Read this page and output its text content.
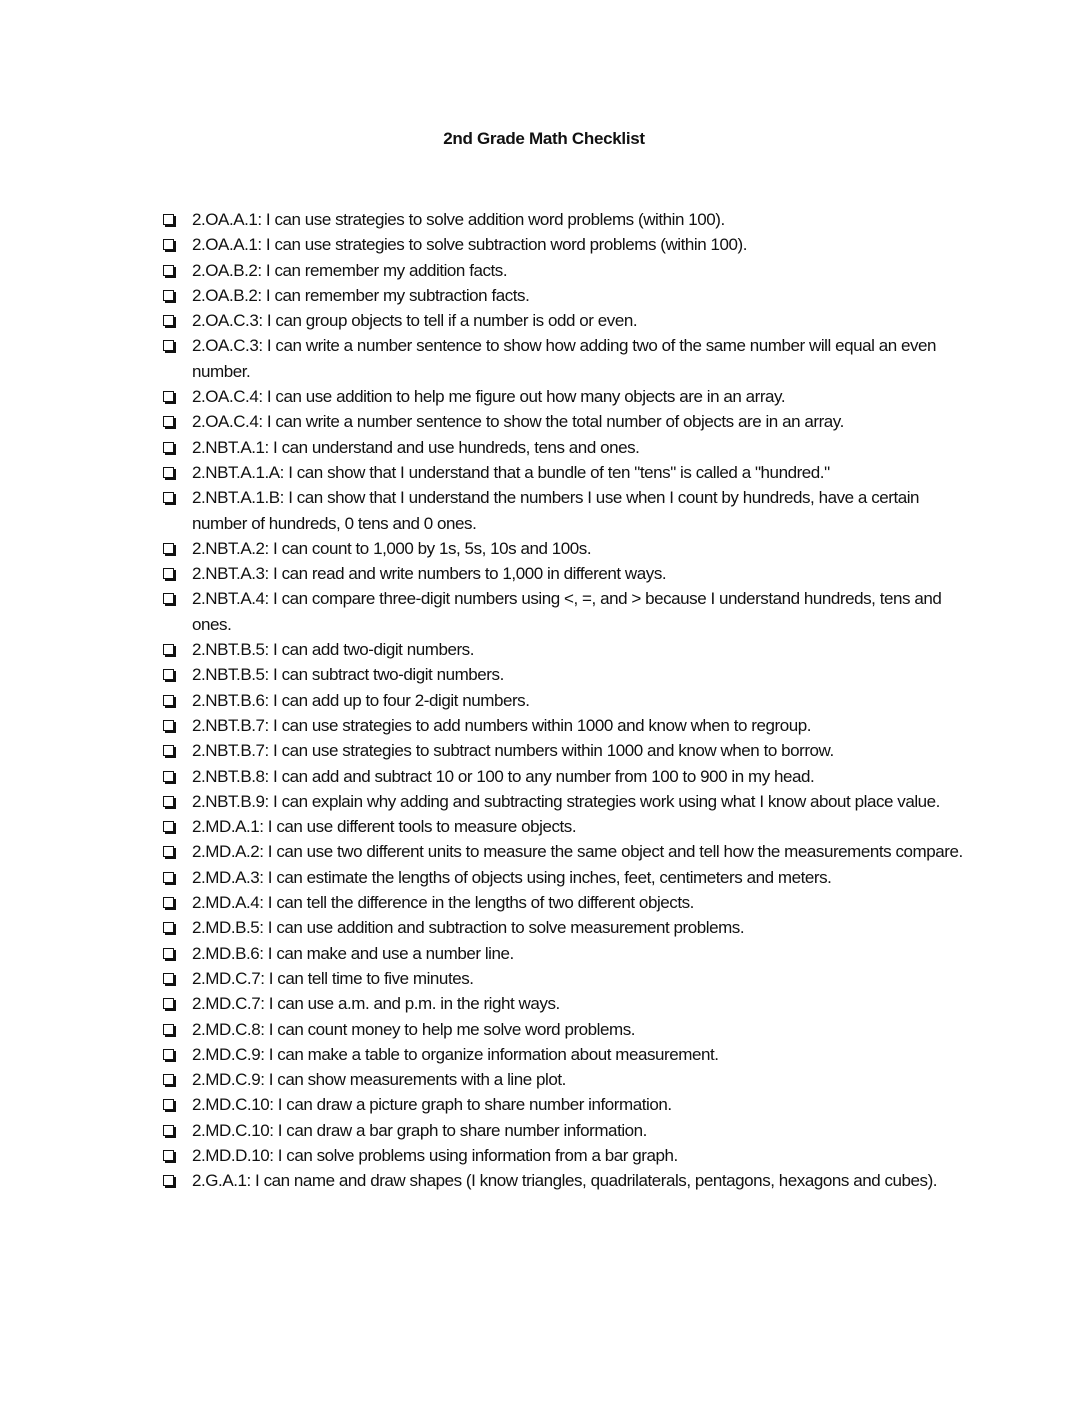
2nd Grade Math Checklist
2.OA.A.1: I can use strategies to solve addition word problems (within 100).
2.OA.A.1: I can use strategies to solve subtraction word problems (within 100).
2.OA.B.2: I can remember my addition facts.
2.OA.B.2: I can remember my subtraction facts.
2.OA.C.3: I can group objects to tell if a number is odd or even.
2.OA.C.3: I can write a number sentence to show how adding two of the same number will equal an even number.
2.OA.C.4: I can use addition to help me figure out how many objects are in an array.
2.OA.C.4: I can write a number sentence to show the total number of objects are in an array.
2.NBT.A.1: I can understand and use hundreds, tens and ones.
2.NBT.A.1.A: I can show that I understand that a bundle of ten "tens" is called a "hundred."
2.NBT.A.1.B: I can show that I understand the numbers I use when I count by hundreds, have a certain number of hundreds, 0 tens and 0 ones.
2.NBT.A.2: I can count to 1,000 by 1s, 5s, 10s and 100s.
2.NBT.A.3: I can read and write numbers to 1,000 in different ways.
2.NBT.A.4: I can compare three-digit numbers using <, =, and > because I understand hundreds, tens and ones.
2.NBT.B.5: I can add two-digit numbers.
2.NBT.B.5: I can subtract two-digit numbers.
2.NBT.B.6: I can add up to four 2-digit numbers.
2.NBT.B.7: I can use strategies to add numbers within 1000 and know when to regroup.
2.NBT.B.7: I can use strategies to subtract numbers within 1000 and know when to borrow.
2.NBT.B.8: I can add and subtract 10 or 100 to any number from 100 to 900 in my head.
2.NBT.B.9: I can explain why adding and subtracting strategies work using what I know about place value.
2.MD.A.1: I can use different tools to measure objects.
2.MD.A.2: I can use two different units to measure the same object and tell how the measurements compare.
2.MD.A.3: I can estimate the lengths of objects using inches, feet, centimeters and meters.
2.MD.A.4: I can tell the difference in the lengths of two different objects.
2.MD.B.5: I can use addition and subtraction to solve measurement problems.
2.MD.B.6: I can make and use a number line.
2.MD.C.7: I can tell time to five minutes.
2.MD.C.7: I can use a.m. and p.m. in the right ways.
2.MD.C.8: I can count money to help me solve word problems.
2.MD.C.9: I can make a table to organize information about measurement.
2.MD.C.9: I can show measurements with a line plot.
2.MD.C.10: I can draw a picture graph to share number information.
2.MD.C.10: I can draw a bar graph to share number information.
2.MD.D.10: I can solve problems using information from a bar graph.
2.G.A.1: I can name and draw shapes (I know triangles, quadrilaterals, pentagons, hexagons and cubes).
